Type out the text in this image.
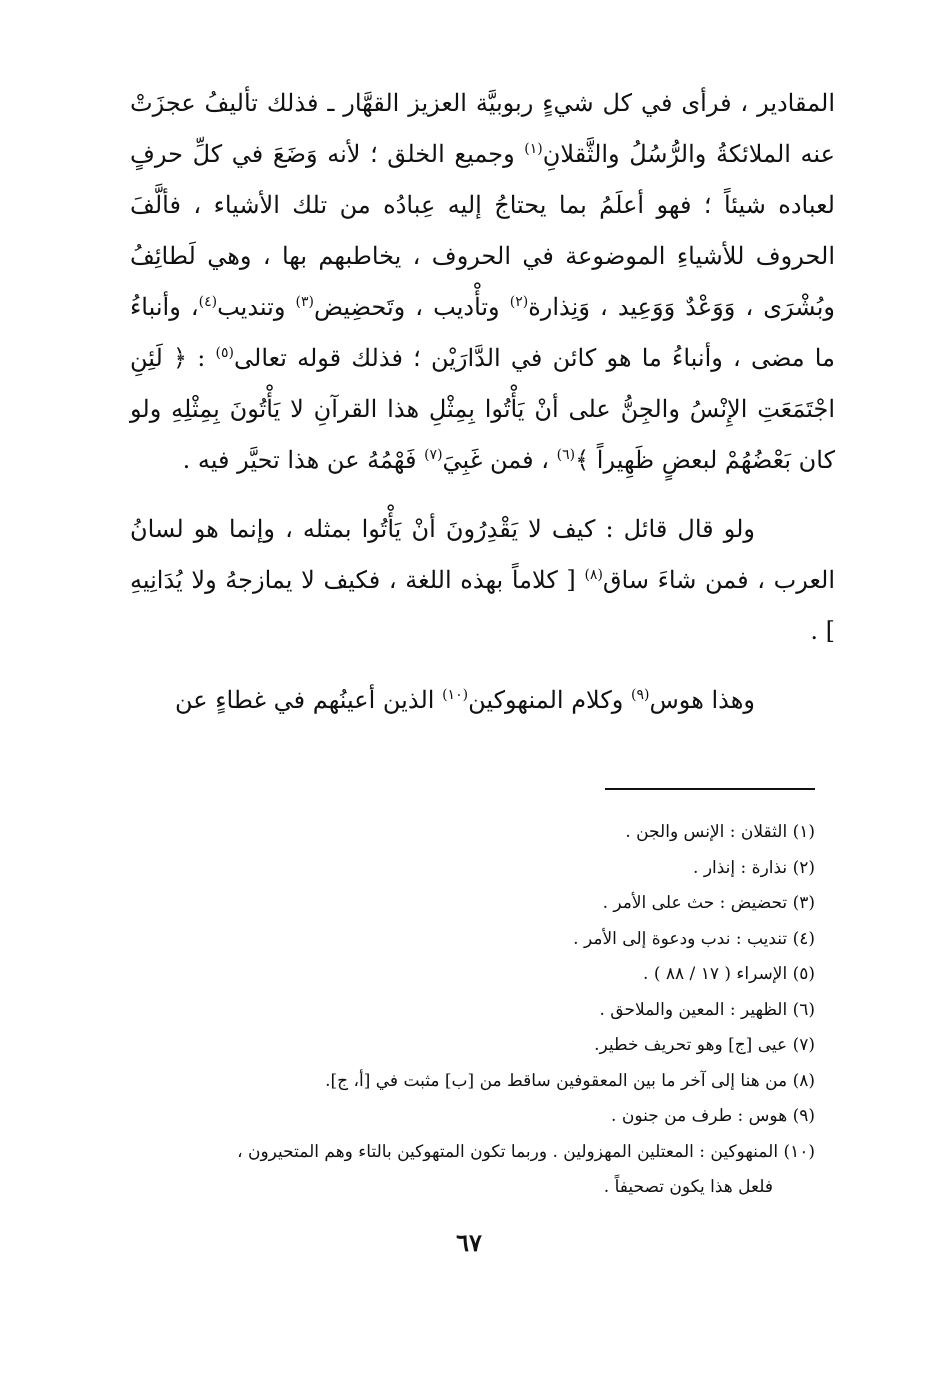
المقادير ، فرأى في كل شيءٍ ربوبيَّة العزيز القهَّار ـ فذلك تأليفُ عجزَتْ عنه الملائكةُ والرُّسُلُ والثَّقلانِ$^{(١)}$ وجميع الخلق ؛ لأنه وَضَعَ في كلِّ حرفٍ لعباده شيئاً ؛ فهو أعلَمُ بما يحتاجُ إليه عِبادُه من تلك الأشياء ، فألَّفَ الحروف للأشياءِ الموضوعة في الحروف ، يخاطبهم بها ، وهي لَطائِفُ وبُشْرَى ، وَوَعْدٌ وَوَعِيد ، وَنِذارة$^{(٢)}$ وتأْديب ، وتَحضِيض$^{(٣)}$ وتنديب$^{(٤)}$، وأنباءُ ما مضى ، وأنباءُ ما هو كائن في الدَّارَيْن ؛ فذلك قوله تعالى$^{(٥)}$ : ﴿ لَئِنِ اجْتَمَعَتِ الإِنْسُ والجِنُّ على أنْ يَأْتُوا بِمِثْلِ هذا القرآنِ لا يَأْتُونَ بِمِثْلِهِ ولو كان بَعْضُهُمْ لبعضٍ ظَهِيراً ﴾$^{(٦)}$ ، فمن غَبِيَ$^{(٧)}$ فَهْمُهُ عن هذا تحيَّر فيه .

ولو قال قائل : كيف لا يَقْدِرُونَ أنْ يَأْتُوا بمثله ، وإنما هو لسانُ العرب ، فمن شاءَ ساق$^{(٨)}$ [ كلاماً بهذه اللغة ، فكيف لا يمازجهُ ولا يُدَانِيهِ ] .

وهذا هوس$^{(٩)}$ وكلام المنهوكين$^{(١٠)}$ الذين أعينُهم في غطاءٍ عن

(١) الثقلان : الإنس والجن .
(٢) نذارة : إنذار .
(٣) تحضيض : حث على الأمر .
(٤) تنديب : ندب ودعوة إلى الأمر .
(٥) الإسراء ( ١٧ / ٨٨ ) .
(٦) الظهير : المعين والملاحق .
(٧) عيى [ج] وهو تحريف خطير.
(٨) من هنا إلى آخر ما بين المعقوفين ساقط من [ب] مثبت في [أ، ج].
(٩) هوس : طرف من جنون .
(١٠) المنهوكين : المعتلين المهزولين . وربما تكون المتهوكين بالتاء وهم المتحيرون ،
فلعل هذا يكون تصحيفاً .
٦٧
